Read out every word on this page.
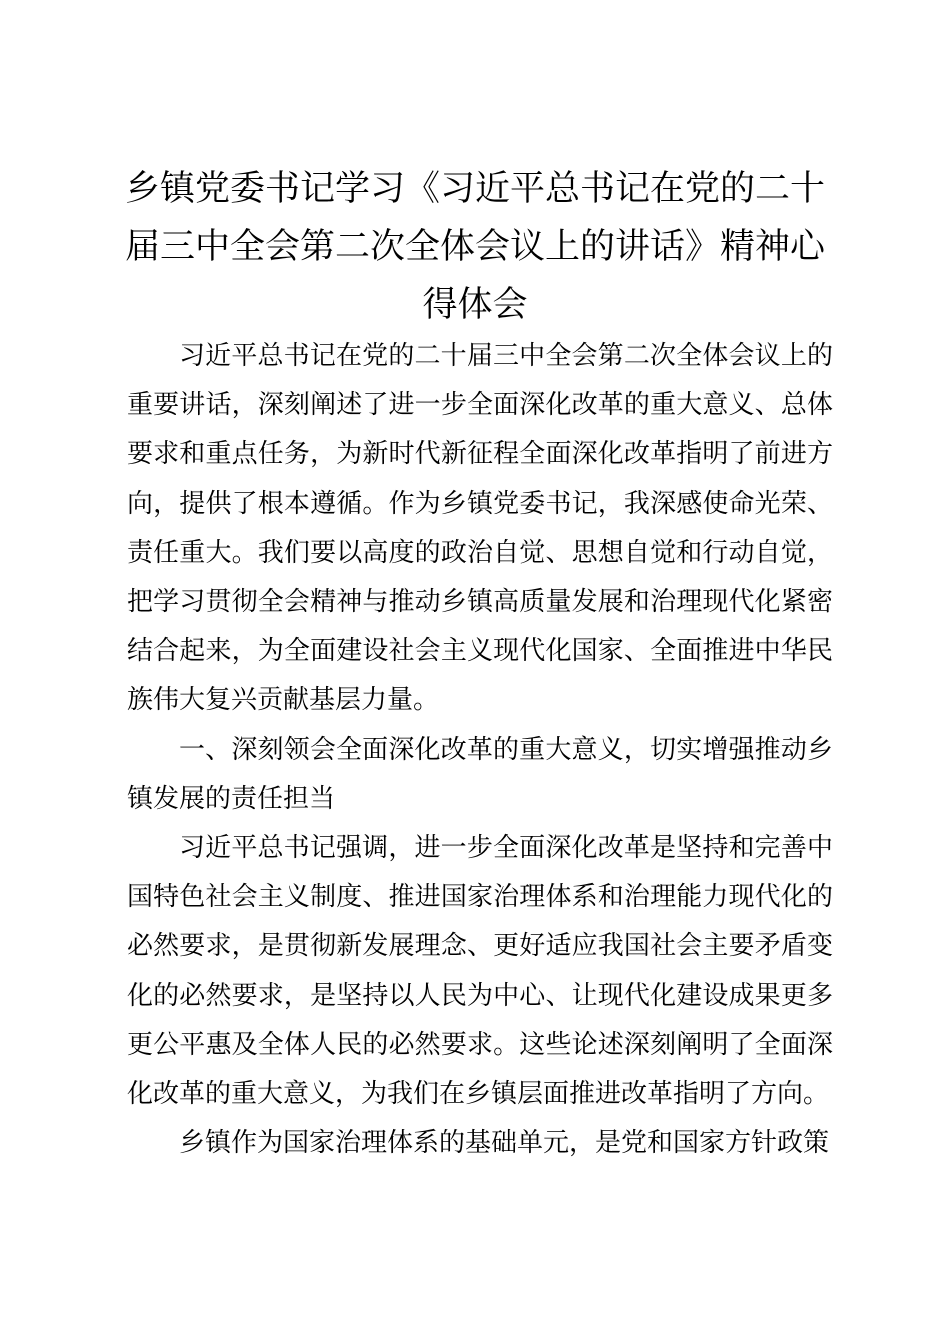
乡镇党委书记学习《习近平总书记在党的二十届三中全会第二次全体会议上的讲话》精神心得体会

习近平总书记在党的二十届三中全会第二次全体会议上的重要讲话，深刻阐述了进一步全面深化改革的重大意义、总体要求和重点任务，为新时代新征程全面深化改革指明了前进方向，提供了根本遵循。作为乡镇党委书记，我深感使命光荣、责任重大。我们要以高度的政治自觉、思想自觉和行动自觉，把学习贯彻全会精神与推动乡镇高质量发展和治理现代化紧密结合起来，为全面建设社会主义现代化国家、全面推进中华民族伟大复兴贡献基层力量。

一、深刻领会全面深化改革的重大意义，切实增强推动乡镇发展的责任担当

习近平总书记强调，进一步全面深化改革是坚持和完善中国特色社会主义制度、推进国家治理体系和治理能力现代化的必然要求，是贯彻新发展理念、更好适应我国社会主要矛盾变化的必然要求，是坚持以人民为中心、让现代化建设成果更多更公平惠及全体人民的必然要求。这些论述深刻阐明了全面深化改革的重大意义，为我们在乡镇层面推进改革指明了方向。

乡镇作为国家治理体系的基础单元，是党和国家方针政策
